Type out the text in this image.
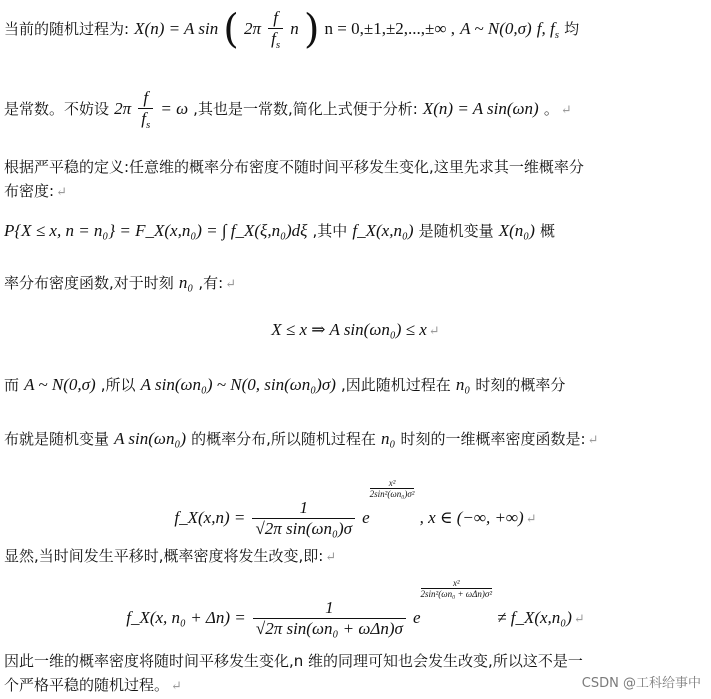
当前的随机过程为: X(n) = A sin ( $2\pi \frac{f}{f_s}$ n ) n = 0,±1,±2,...,±∞ , A ~ N(0,σ) f, $f_s$ 均
是常数。不妨设 $2\pi \frac{f}{f_s} = \omega$ ,其也是一常数,简化上式便于分析: X(n) = A sin(ωn) 。 ↵
根据严平稳的定义:任意维的概率分布密度不随时间平移发生变化,这里先求其一维概率分
布密度: ↵
P{X ≤ x, n = n₀} = F_X(x,n₀) = ∫ f_X(ξ,n₀)dξ ,其中 f_X(x,n₀) 是随机变量 X(n₀) 概
率分布密度函数,对于时刻 n₀ ,有: ↵
X ≤ x ⇒ A sin(ωn₀) ≤ x ↵
而 A ~ N(0,σ) ,所以 A sin(ωn₀) ~ N(0, sin(ωn₀)σ) ,因此随机过程在 n₀ 时刻的概率分
布就是随机变量 A sin(ωn₀) 的概率分布,所以随机过程在 n₀ 时刻的一维概率密度函数是: ↵
f_X(x,n) = $\frac{1}{\text{√2π sin(ωn₀)σ}}$ e
$\frac{\text{x²}}{\text{2sin²(ωn₀)σ²}}$
, x ∈ (−∞, +∞) ↵
显然,当时间发生平移时,概率密度将发生改变,即: ↵
f_X(x, $n_0 + \Delta n) = \frac{1}{\text{√2π sin(ωn₀ + ωΔn)σ}}$ e
$\frac{\text{x²}}{\text{2sin²(ωn₀ + ωΔn)σ²}}$
≠ f_X(x,n₀) ↵
因此一维的概率密度将随时间平移发生变化,n 维的同理可知也会发生改变,所以这不是一
个严格平稳的随机过程。 ↵	CSDN @工科给事中
